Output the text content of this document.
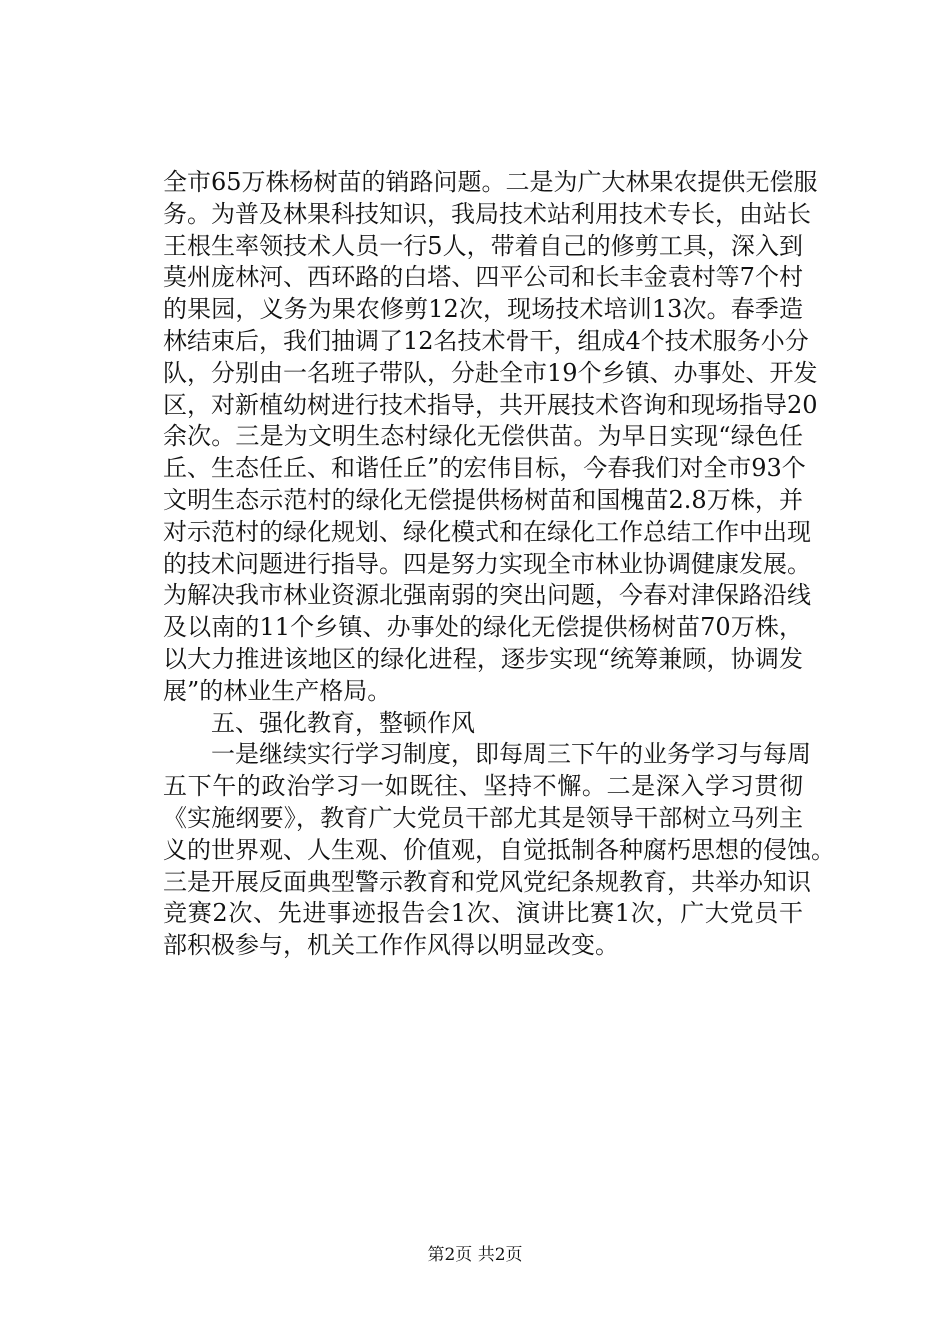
全市65万株杨树苗的销路问题。二是为广大林果农提供无偿服
务。为普及林果科技知识，我局技术站利用技术专长，由站长
王根生率领技术人员一行5人，带着自己的修剪工具，深入到
莫州庞林河、西环路的白塔、四平公司和长丰金袁村等7个村
的果园，义务为果农修剪12次，现场技术培训13次。春季造
林结束后，我们抽调了12名技术骨干，组成4个技术服务小分
队，分别由一名班子带队，分赴全市19个乡镇、办事处、开发
区，对新植幼树进行技术指导，共开展技术咨询和现场指导20
余次。三是为文明生态村绿化无偿供苗。为早日实现“绿色任
丘、生态任丘、和谐任丘”的宏伟目标，今春我们对全市93个
文明生态示范村的绿化无偿提供杨树苗和国槐苗2.8万株，并
对示范村的绿化规划、绿化模式和在绿化工作总结工作中出现
的技术问题进行指导。四是努力实现全市林业协调健康发展。
为解决我市林业资源北强南弱的突出问题，今春对津保路沿线
及以南的11个乡镇、办事处的绿化无偿提供杨树苗70万株，
以大力推进该地区的绿化进程，逐步实现“统筹兼顾，协调发
展”的林业生产格局。
五、强化教育，整顿作风
一是继续实行学习制度，即每周三下午的业务学习与每周
五下午的政治学习一如既往、坚持不懈。二是深入学习贯彻
《实施纲要》，教育广大党员干部尤其是领导干部树立马列主
义的世界观、人生观、价值观，自觉抵制各种腐朽思想的侵蚀。
三是开展反面典型警示教育和党风党纪条规教育，共举办知识
竞赛2次、先进事迹报告会1次、演讲比赛1次，广大党员干
部积极参与，机关工作作风得以明显改变。
第2页 共2页
